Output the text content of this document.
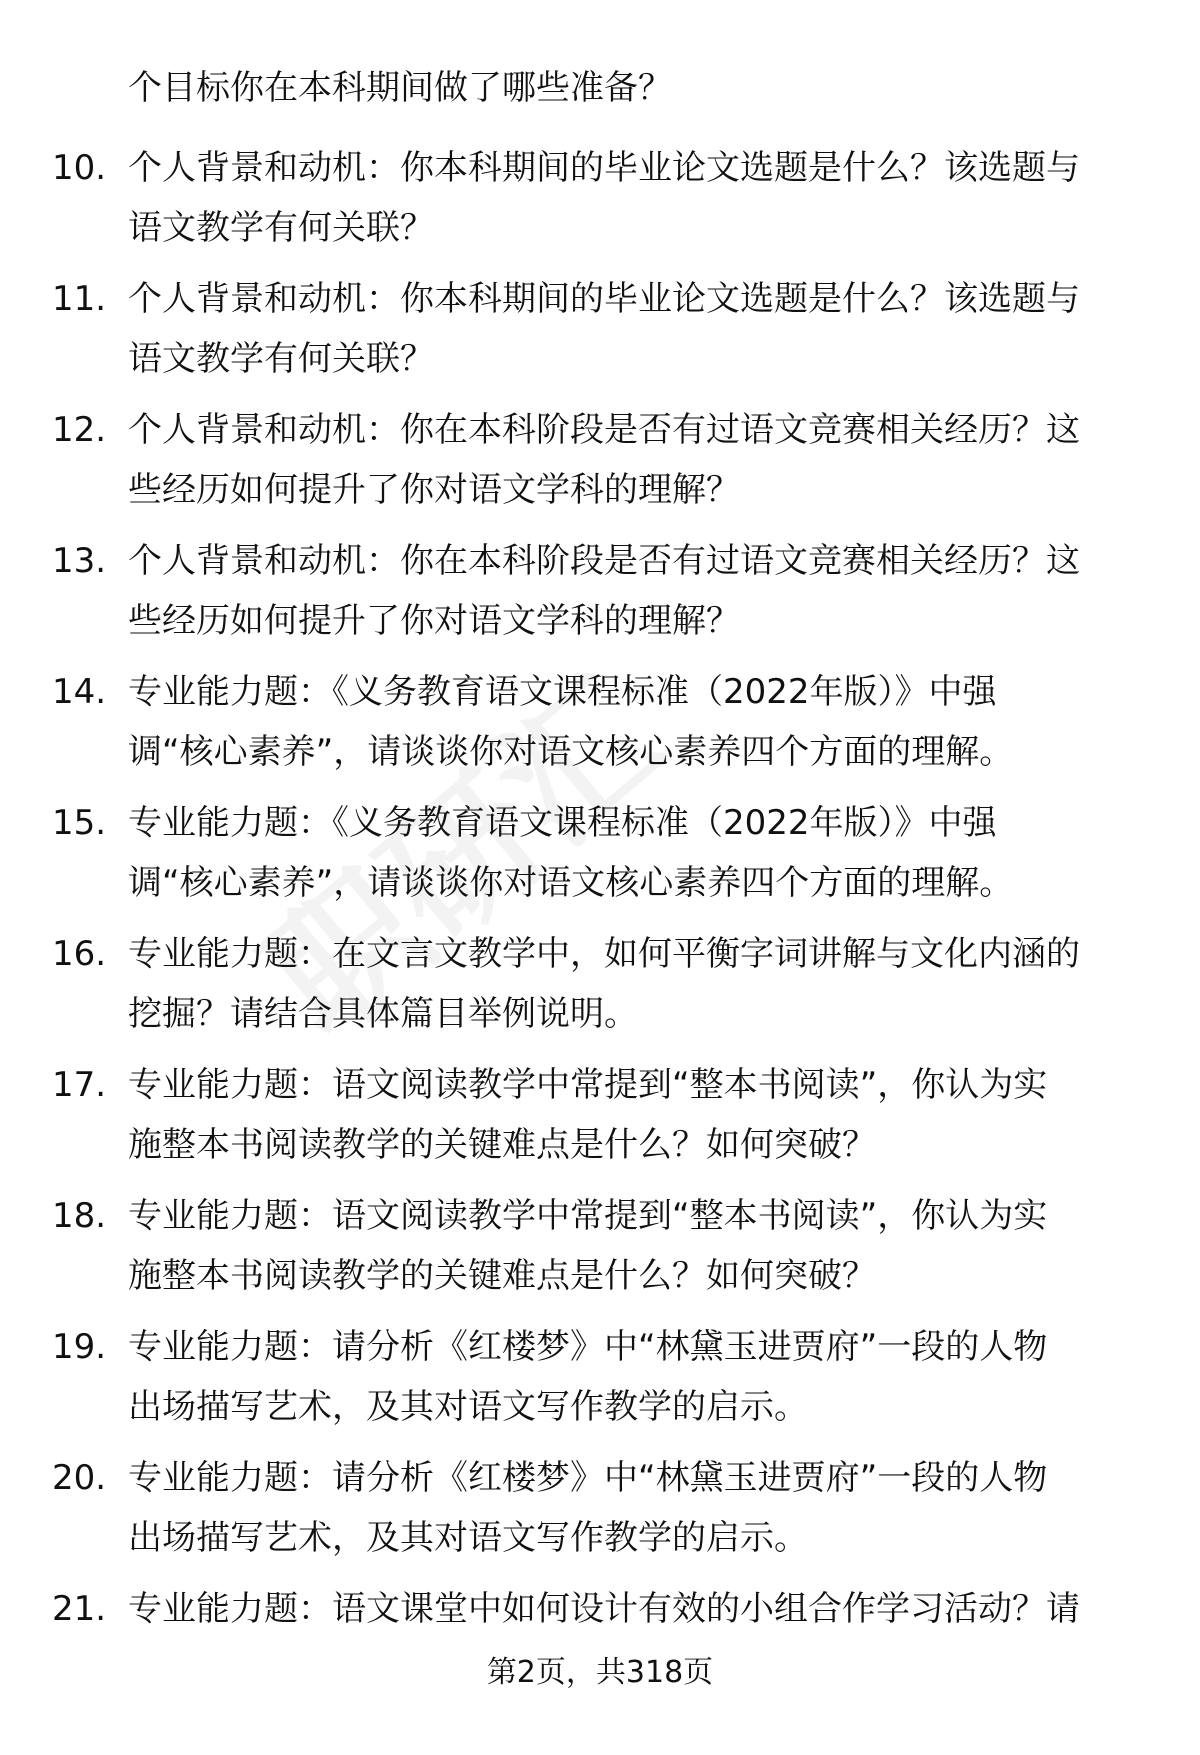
个目标你在本科期间做了哪些准备？
10. 个人背景和动机：你本科期间的毕业论文选题是什么？该选题与
语文教学有何关联？
11. 个人背景和动机：你本科期间的毕业论文选题是什么？该选题与
语文教学有何关联？
12. 个人背景和动机：你在本科阶段是否有过语文竞赛相关经历？这
些经历如何提升了你对语文学科的理解？
13. 个人背景和动机：你在本科阶段是否有过语文竞赛相关经历？这
些经历如何提升了你对语文学科的理解？
14. 专业能力题：《义务教育语文课程标准（2022年版）》中强
调“核心素养”，请谈谈你对语文核心素养四个方面的理解。
15. 专业能力题：《义务教育语文课程标准（2022年版）》中强
调“核心素养”，请谈谈你对语文核心素养四个方面的理解。
16. 专业能力题：在文言文教学中，如何平衡字词讲解与文化内涵的
挖掘？请结合具体篇目举例说明。
17. 专业能力题：语文阅读教学中常提到“整本书阅读”，你认为实
施整本书阅读教学的关键难点是什么？如何突破？
18. 专业能力题：语文阅读教学中常提到“整本书阅读”，你认为实
施整本书阅读教学的关键难点是什么？如何突破？
19. 专业能力题：请分析《红楼梦》中“林黛玉进贾府”一段的人物
出场描写艺术，及其对语文写作教学的启示。
20. 专业能力题：请分析《红楼梦》中“林黛玉进贾府”一段的人物
出场描写艺术，及其对语文写作教学的启示。
21. 专业能力题：语文课堂中如何设计有效的小组合作学习活动？请
第2页，共318页
